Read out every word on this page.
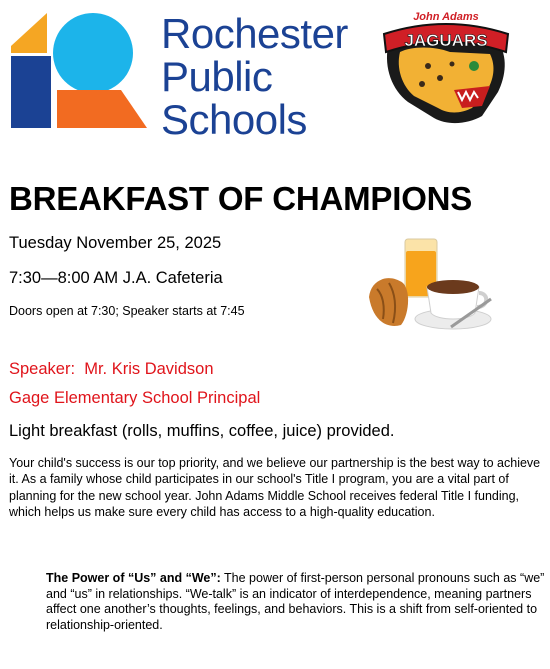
Rochester
Public
Schools
John Adams
JAGUARS
BREAKFAST OF CHAMPIONS
Tuesday November 25, 2025
7:30—8:00 AM J.A. Cafeteria
Doors open at 7:30; Speaker starts at 7:45
Speaker:  Mr. Kris Davidson
Gage Elementary School Principal
Light breakfast (rolls, muffins, coffee, juice) provided.
Your child's success is our top priority, and we believe our partnership is the best way to achieve it. As a family whose child participates in our school's Title I program, you are a vital part of planning for the new school year. John Adams Middle School receives federal Title I funding, which helps us make sure every child has access to a high-quality education.
The Power of “Us” and “We”: The power of first-person personal pronouns such as “we” and “us” in relationships. “We-talk” is an indicator of interdependence, meaning partners affect one another’s thoughts, feelings, and behaviors. This is a shift from self-oriented to relationship-oriented.
